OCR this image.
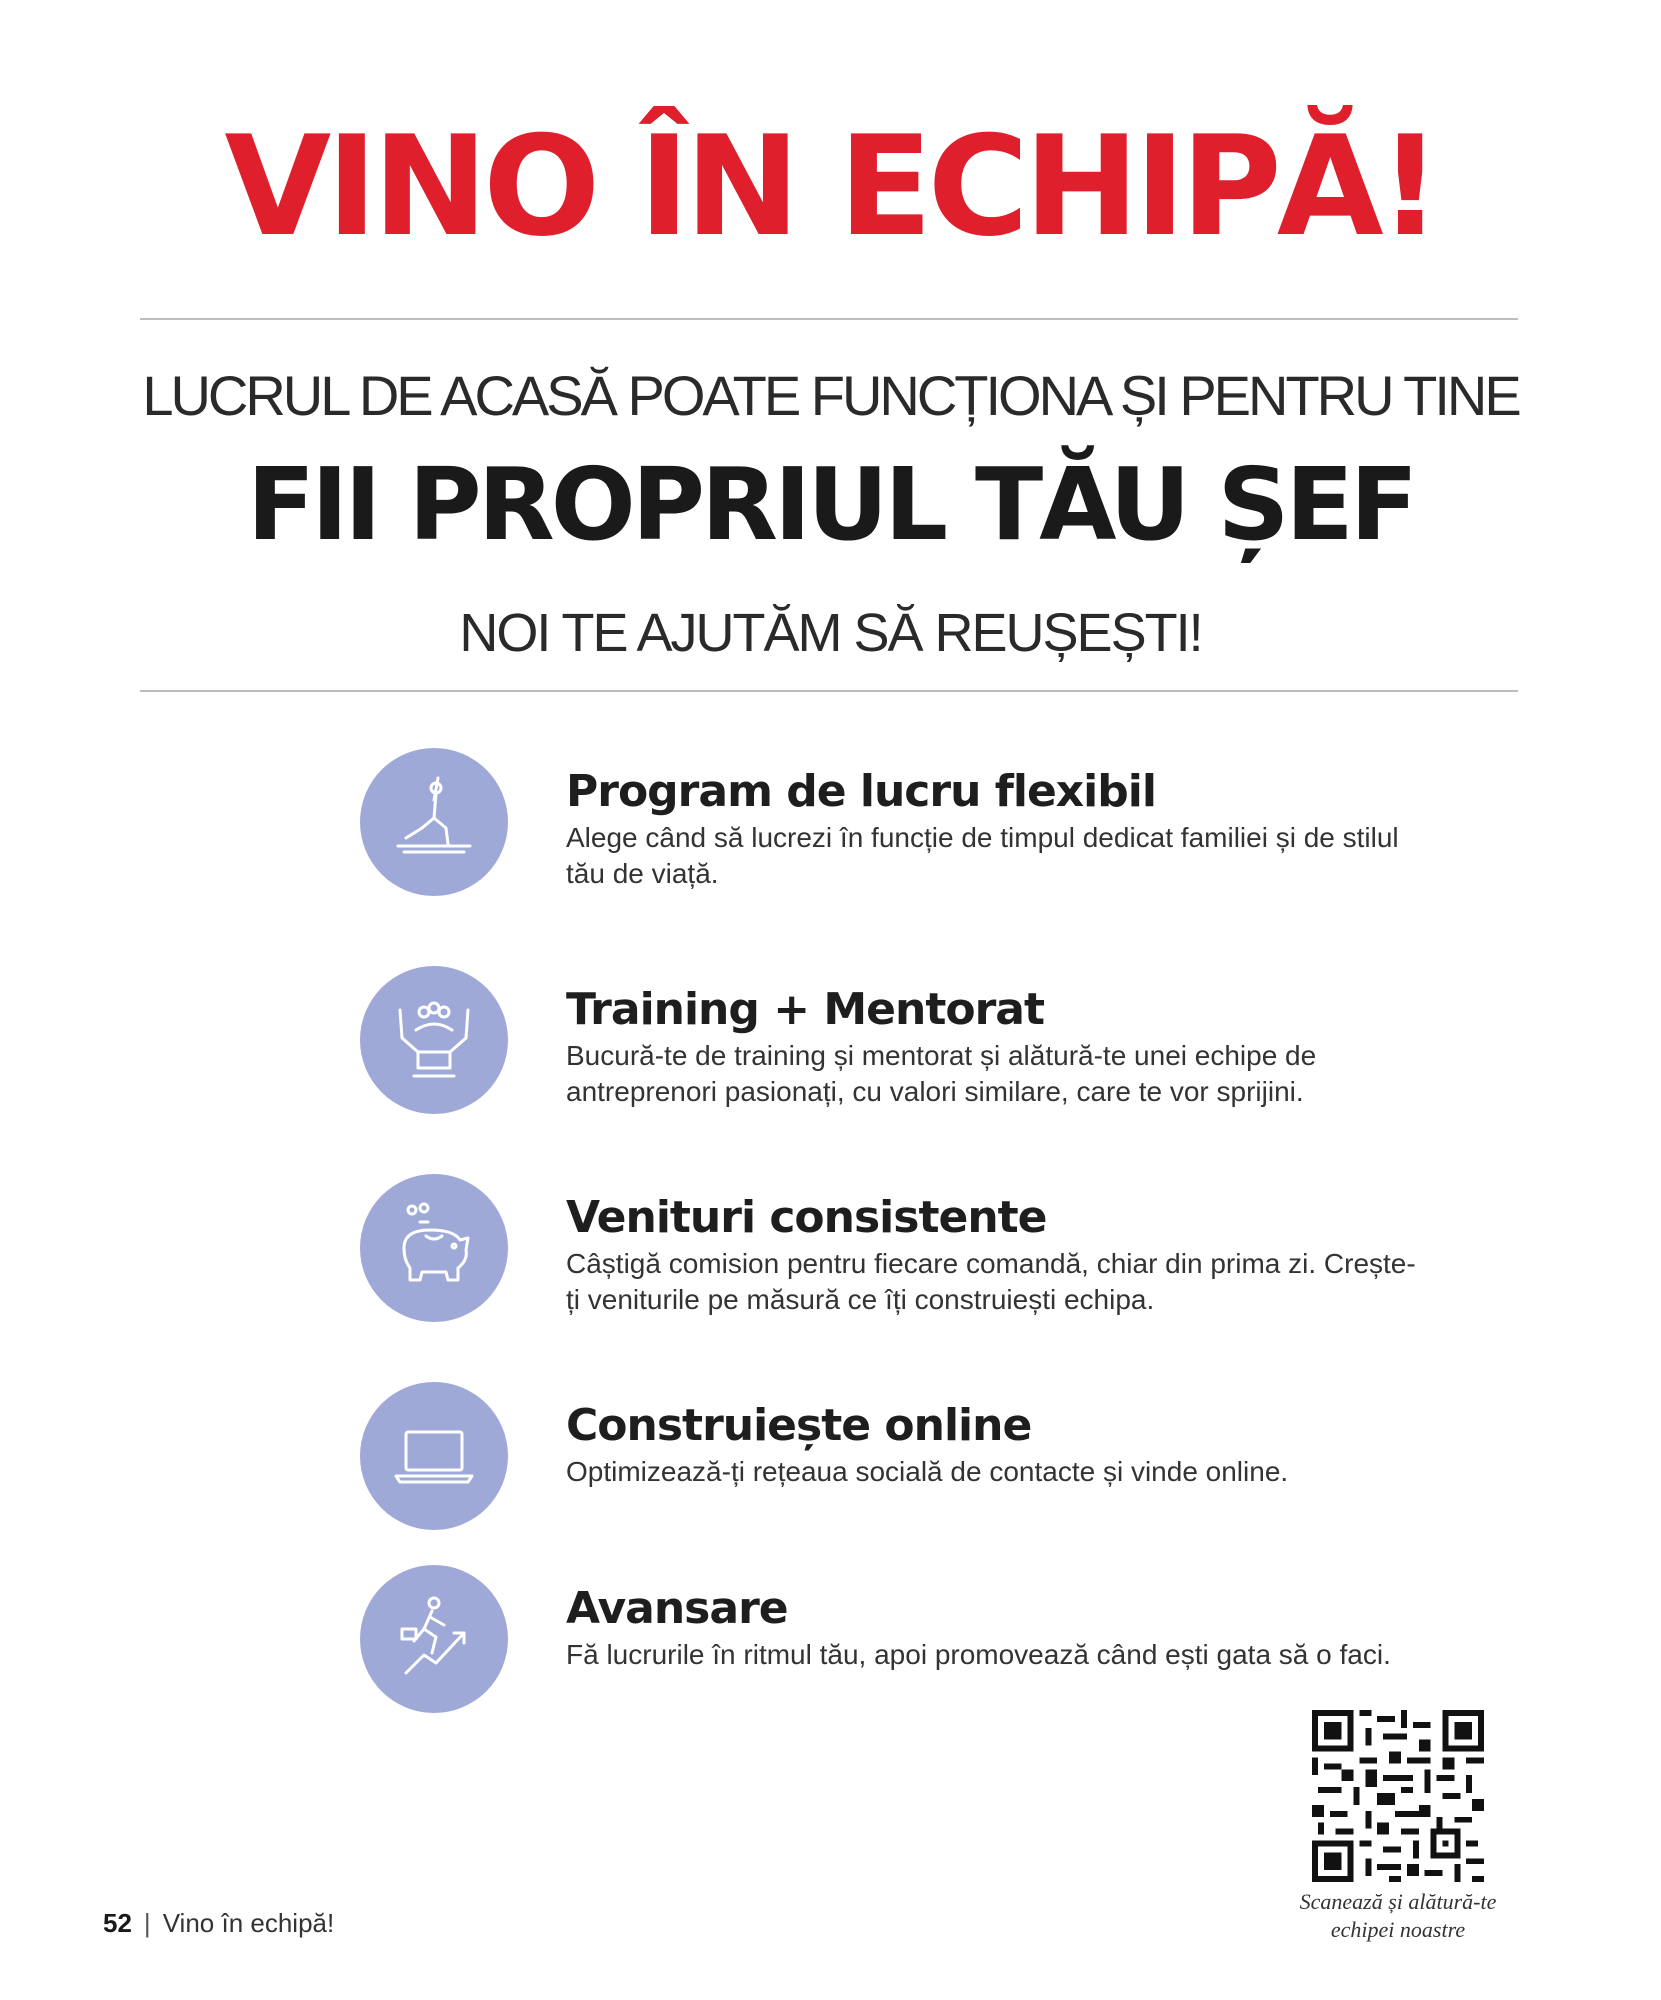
VINO ÎN ECHIPĂ!
LUCRUL DE ACASĂ POATE FUNCȚIONA ȘI PENTRU TINE
FII PROPRIUL TĂU ȘEF
NOI TE AJUTĂM SĂ REUȘEȘTI!
Program de lucru flexibil
Alege când să lucrezi în funcție de timpul dedicat familiei și de stilul tău de viață.
Training + Mentorat
Bucură-te de training și mentorat și alătură-te unei echipe de antreprenori pasionați, cu valori similare, care te vor sprijini.
Venituri consistente
Câștigă comision pentru fiecare comandă, chiar din prima zi. Crește-ți veniturile pe măsură ce îți construiești echipa.
Construiește online
Optimizează-ți rețeaua socială de contacte și vinde online.
Avansare
Fă lucrurile în ritmul tău, apoi promovează când ești gata să o faci.
Scanează și alătură-te echipei noastre
52 | Vino în echipă!
